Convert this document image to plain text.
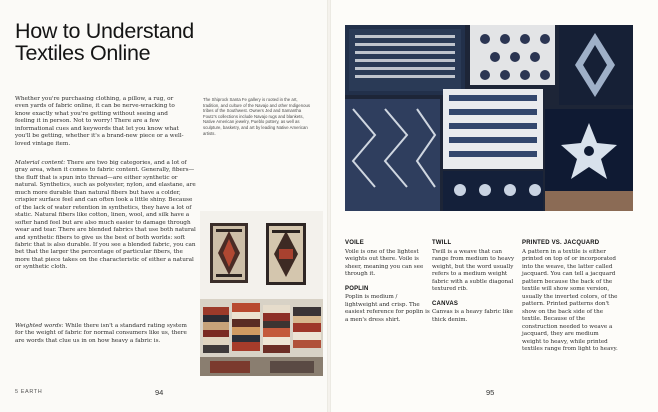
How to Understand Textiles Online

Whether you're purchasing clothing, a pillow, a rug, or even yards of fabric online, it can be nerve-wracking to know exactly what you're getting without seeing and feeling it in person. Not to worry! There are a few informational cues and keywords that let you know what you'll be getting, whether it's a brand-new piece or a well-loved vintage item.

Material content: There are two big categories, and a lot of gray area, when it comes to fabric content. Generally, fibers—the fluff that is spun into thread—are either synthetic or natural. Synthetics, such as polyester, nylon, and elastane, are much more durable than natural fibers but have a colder, crispier surface feel and can often look a little shiny. Because of the lack of water retention in synthetics, they have a lot of static. Natural fibers like cotton, linen, wool, and silk have a softer hand feel but are also much easier to damage through wear and tear. There are blended fabrics that use both natural and synthetic fibers to give us the best of both worlds: soft fabric that is also durable. If you see a blended fabric, you can bet that the larger the percentage of particular fibers, the more that piece takes on the characteristic of either a natural or synthetic cloth.

Weighted words: While there isn't a standard rating system for the weight of fabric for normal consumers like us, there are words that clue us in on how heavy a fabric is.

The Shiprock Santa Fe gallery is rooted in the art, tradition, and culture of the Navajo and other Indigenous tribes of the Southwest. Owners Jed and Samantha Foutz's collections include Navajo rugs and blankets, Native American jewelry, Pueblo pottery, as well as sculpture, basketry, and art by leading Native American artists.
VOILE
Voile is one of the lightest weights out there. Voile is sheer, meaning you can see through it.
POPLIN
Poplin is medium / lightweight and crisp. The easiest reference for poplin is a men's dress shirt.
TWILL
Twill is a weave that can range from medium to heavy weight, but the word usually refers to a medium weight fabric with a subtle diagonal textured rib.
CANVAS
Canvas is a heavy fabric like thick denim.
PRINTED VS. JACQUARD
A pattern in a textile is either printed on top of or incorporated into the weave, the latter called jacquard. You can tell a jacquard pattern because the back of the textile will show some version, usually the inverted colors, of the pattern. Printed patterns don't show on the back side of the textile. Because of the construction needed to weave a jacquard, they are medium weight to heavy, while printed textiles range from light to heavy.
5 EARTH	94	95
